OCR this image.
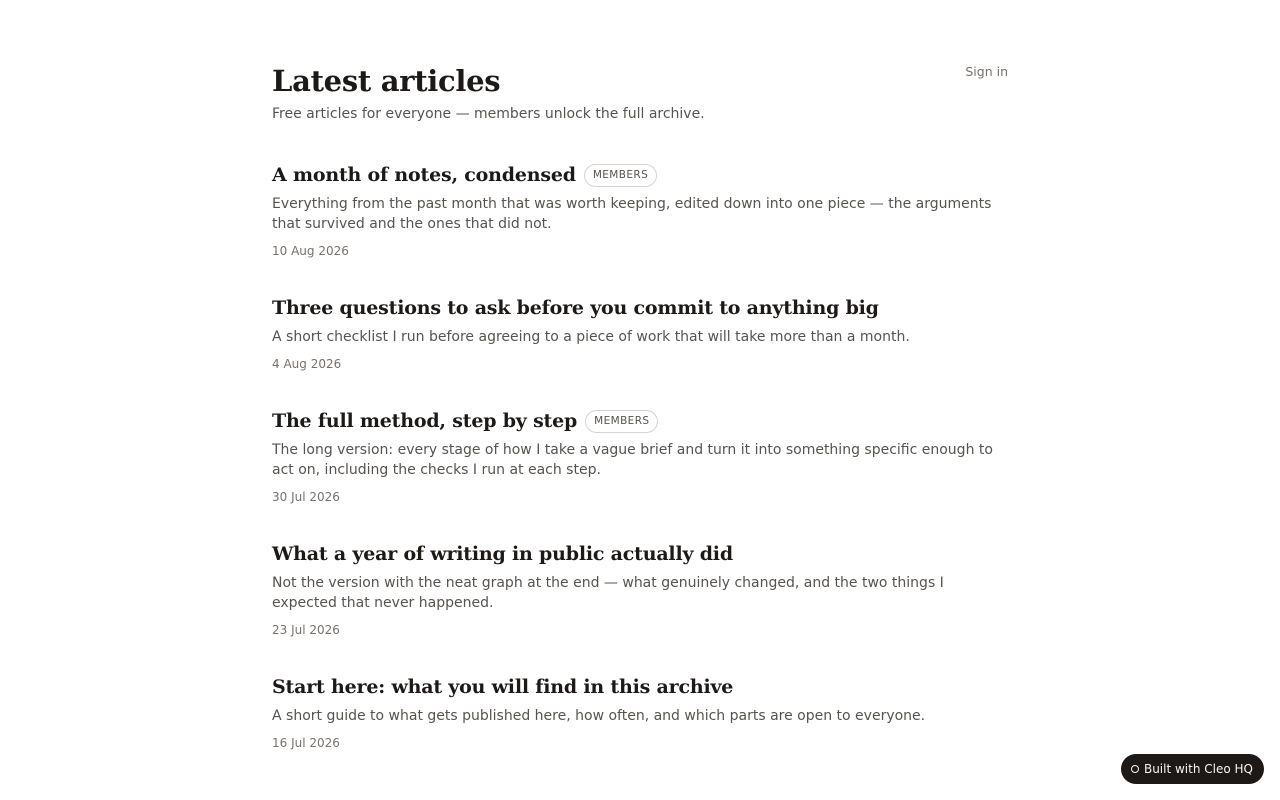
Latest articles
Free articles for everyone — members unlock the full archive.
Sign in
A month of notes, condensed	MEMBERS
Everything from the past month that was worth keeping, edited down into one piece — the arguments that survived and the ones that did not.
10 Aug 2026
Three questions to ask before you commit to anything big
A short checklist I run before agreeing to a piece of work that will take more than a month.
4 Aug 2026
The full method, step by step	MEMBERS
The long version: every stage of how I take a vague brief and turn it into something specific enough to act on, including the checks I run at each step.
30 Jul 2026
What a year of writing in public actually did
Not the version with the neat graph at the end — what genuinely changed, and the two things I expected that never happened.
23 Jul 2026
Start here: what you will find in this archive
A short guide to what gets published here, how often, and which parts are open to everyone.
16 Jul 2026
Built with Cleo HQ
